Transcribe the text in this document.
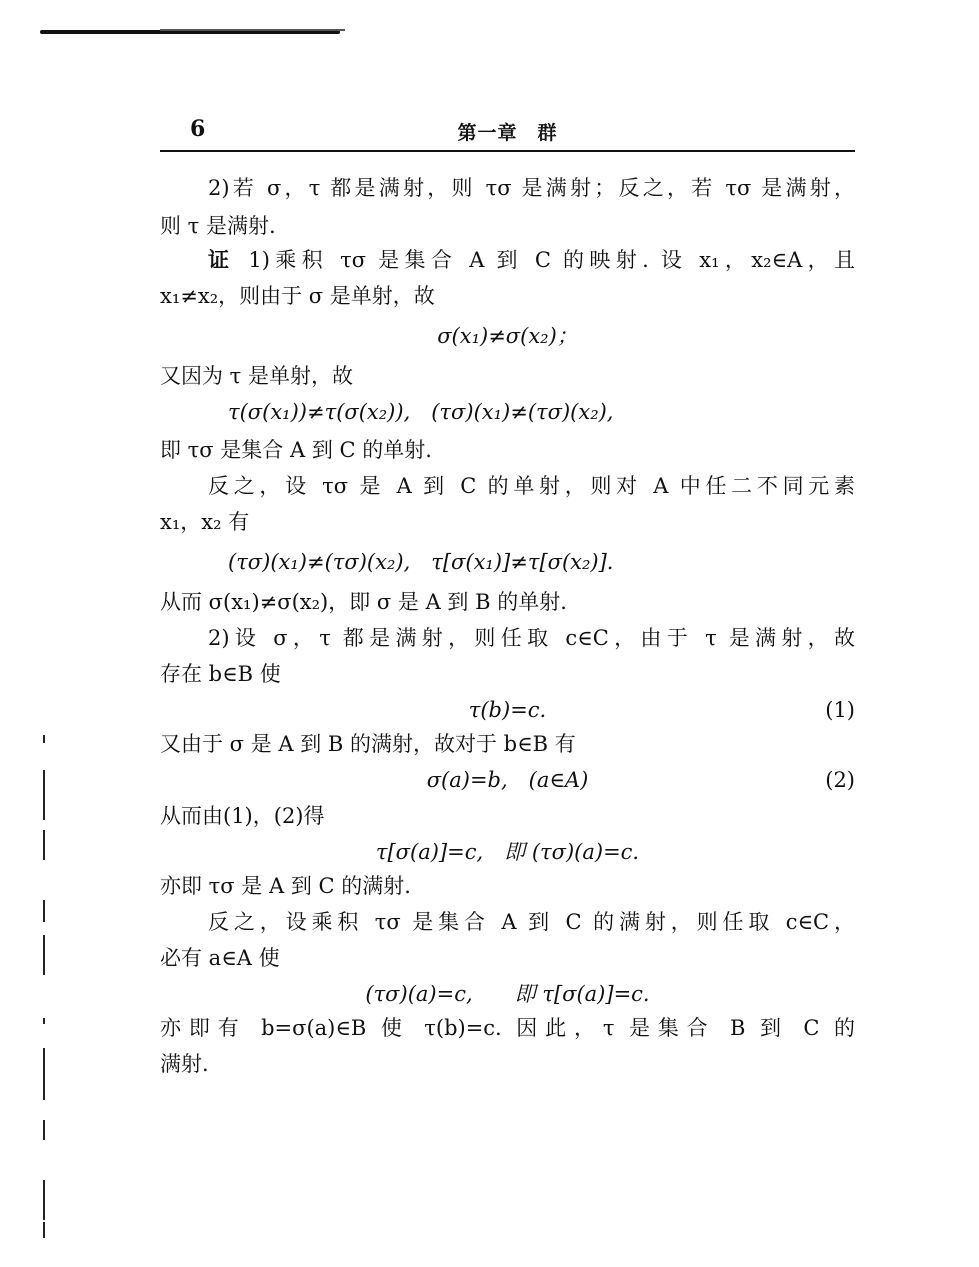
6	第一章　群
2)若 σ，τ 都是满射，则 τσ 是满射；反之，若 τσ 是满射，
则 τ 是满射.
证 1)乘积 τσ 是集合 A 到 C 的映射. 设 x₁，x₂∈A，且
x₁≠x₂，则由于 σ 是单射，故
σ(x₁)≠σ(x₂)；
又因为 τ 是单射，故
τ(σ(x₁))≠τ(σ(x₂)),　(τσ)(x₁)≠(τσ)(x₂),
即 τσ 是集合 A 到 C 的单射.
反之，设 τσ 是 A 到 C 的单射，则对 A 中任二不同元素
x₁，x₂ 有
(τσ)(x₁)≠(τσ)(x₂),　τ[σ(x₁)]≠τ[σ(x₂)].
从而 σ(x₁)≠σ(x₂)，即 σ 是 A 到 B 的单射.
2)设 σ，τ 都是满射，则任取 c∈C，由于 τ 是满射，故
存在 b∈B 使
τ(b)=c.	(1)
又由于 σ 是 A 到 B 的满射，故对于 b∈B 有
σ(a)=b,　(a∈A)	(2)
从而由(1)，(2)得
τ[σ(a)]=c,　即 (τσ)(a)=c.
亦即 τσ 是 A 到 C 的满射.
反之，设乘积 τσ 是集合 A 到 C 的满射，则任取 c∈C，
必有 a∈A 使
(τσ)(a)=c,　　即 τ[σ(a)]=c.
亦即有 b=σ(a)∈B 使 τ(b)=c. 因此，τ 是集合 B 到 C 的
满射.
